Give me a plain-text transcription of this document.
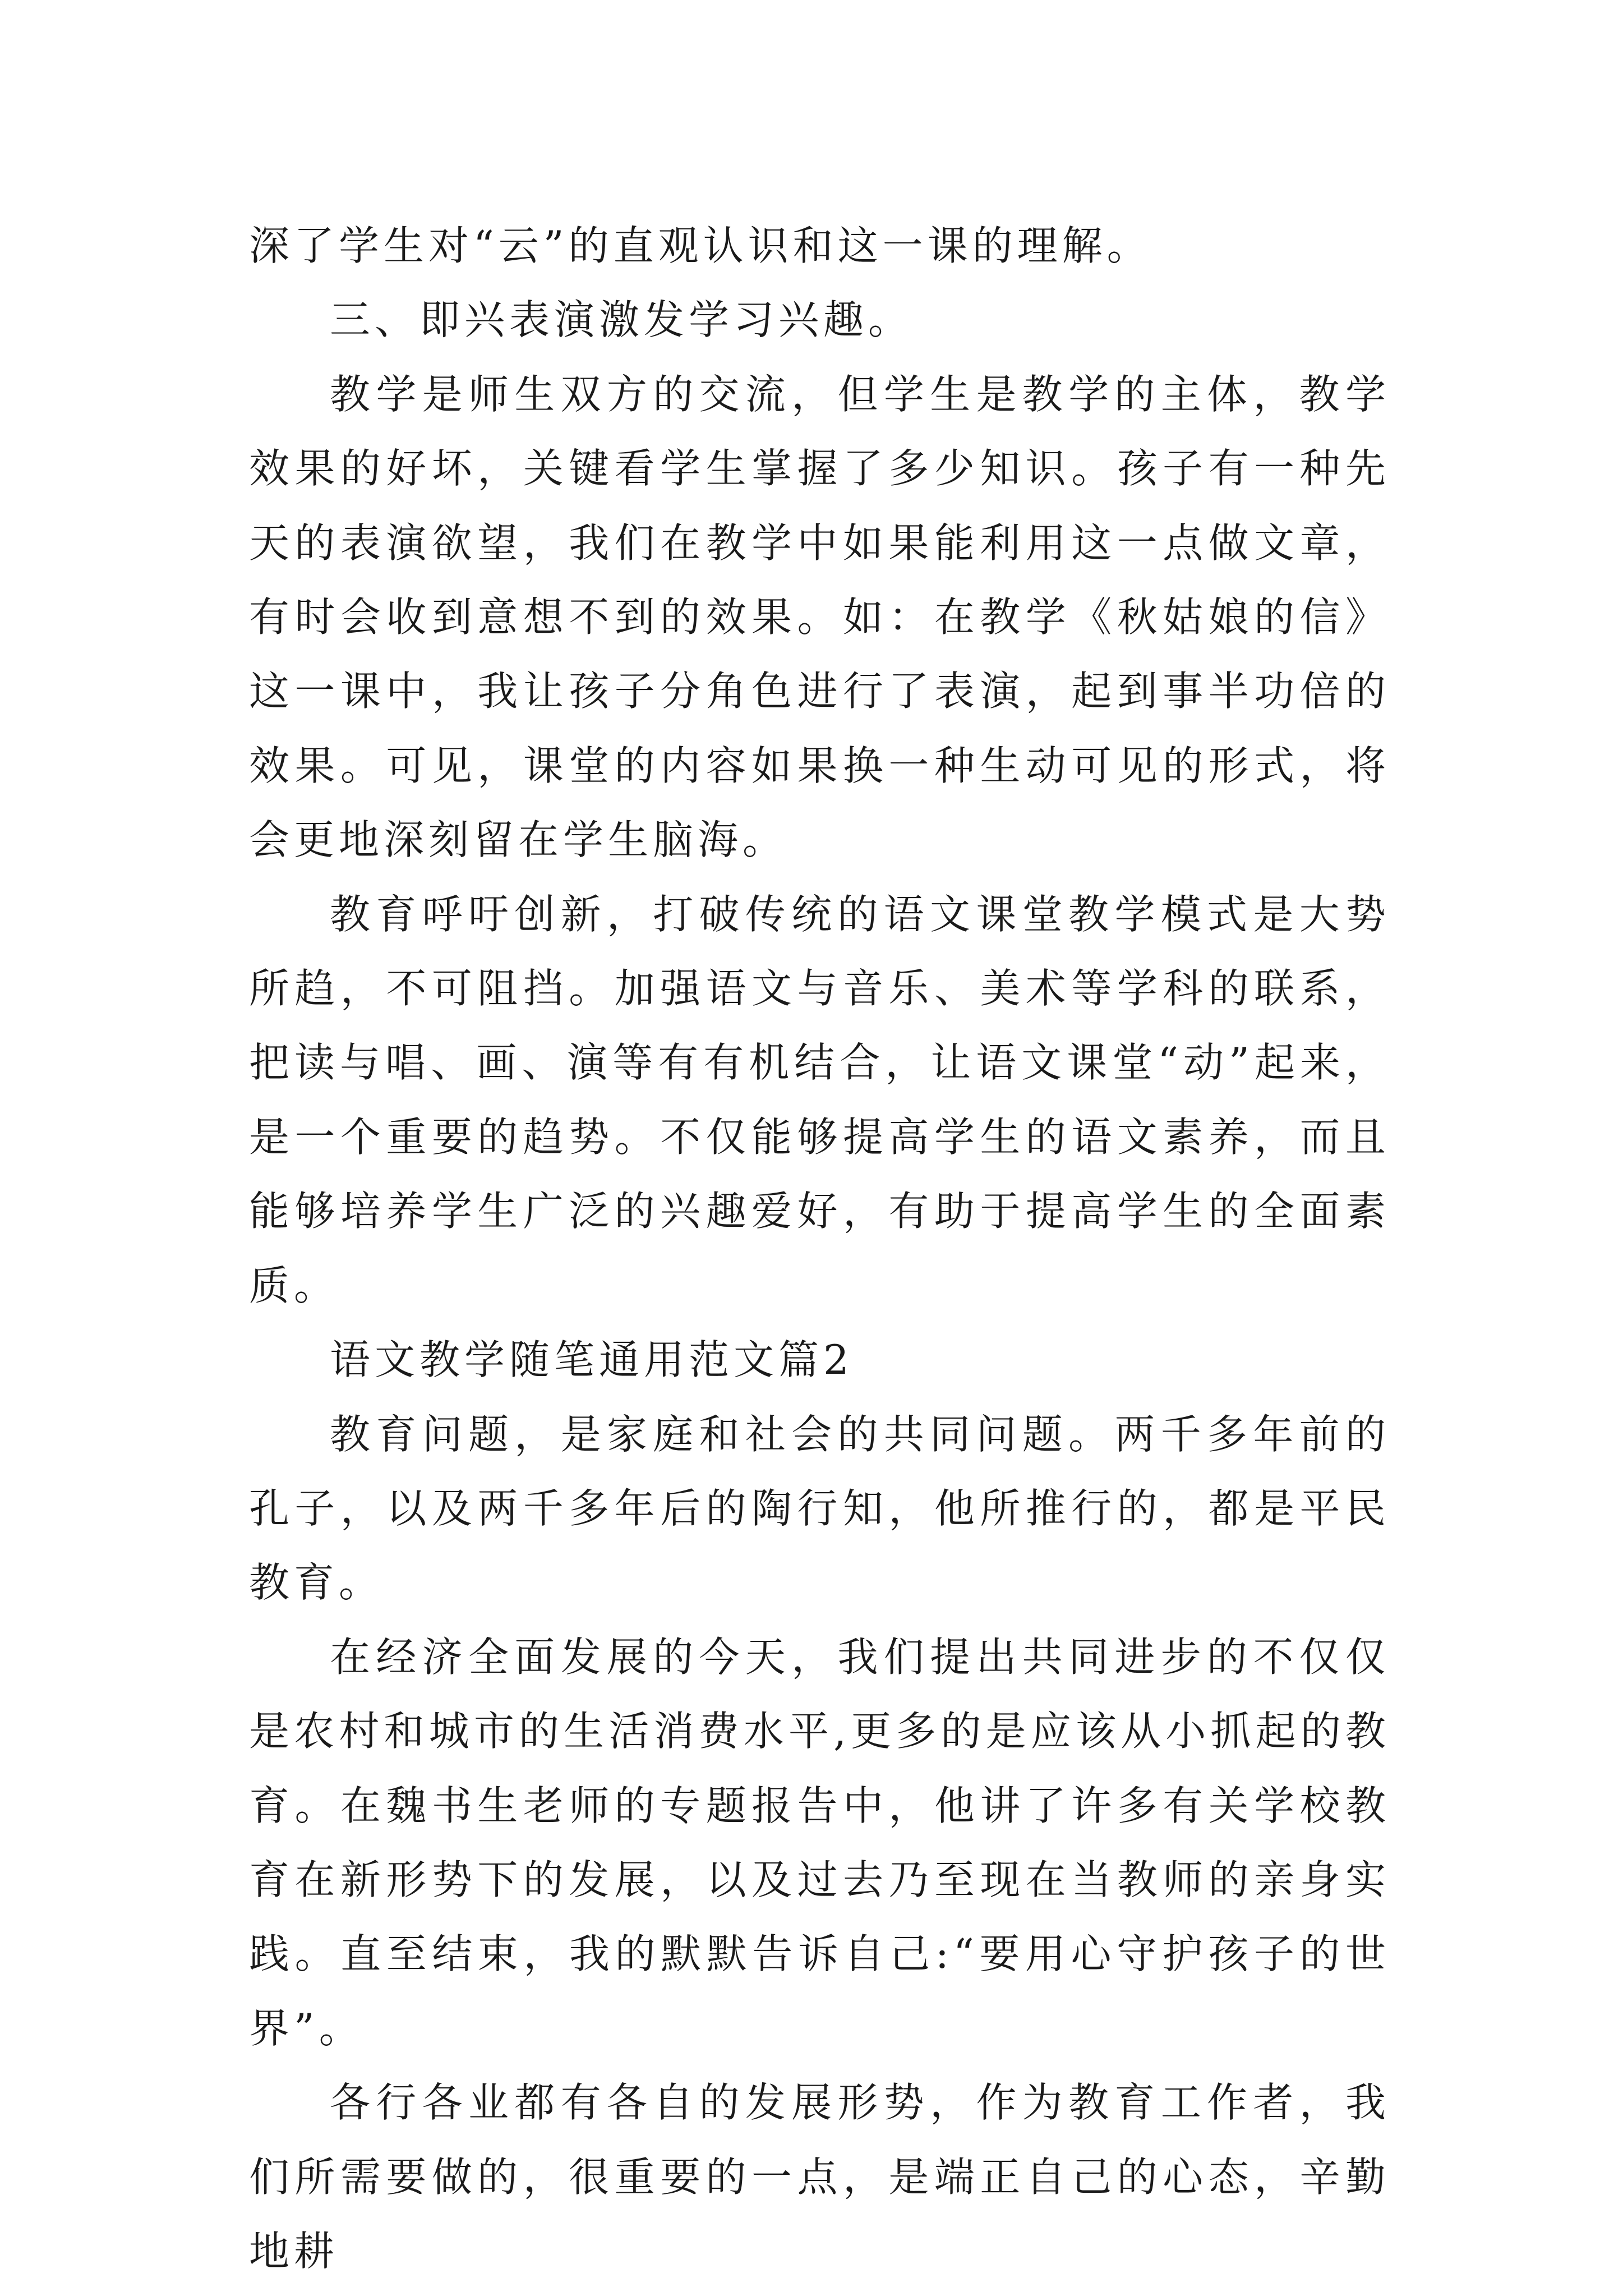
深了学生对“云”的直观认识和这一课的理解。

三、即兴表演激发学习兴趣。

教学是师生双方的交流，但学生是教学的主体，教学效果的好坏，关键看学生掌握了多少知识。孩子有一种先天的表演欲望，我们在教学中如果能利用这一点做文章，有时会收到意想不到的效果。如：在教学《秋姑娘的信》这一课中，我让孩子分角色进行了表演，起到事半功倍的效果。可见，课堂的内容如果换一种生动可见的形式，将会更地深刻留在学生脑海。

教育呼吁创新，打破传统的语文课堂教学模式是大势所趋，不可阻挡。加强语文与音乐、美术等学科的联系，把读与唱、画、演等有有机结合，让语文课堂“动”起来，是一个重要的趋势。不仅能够提高学生的语文素养，而且能够培养学生广泛的兴趣爱好，有助于提高学生的全面素质。

语文教学随笔通用范文篇2

教育问题，是家庭和社会的共同问题。两千多年前的孔子，以及两千多年后的陶行知，他所推行的，都是平民教育。

在经济全面发展的今天，我们提出共同进步的不仅仅是农村和城市的生活消费水平,更多的是应该从小抓起的教育。在魏书生老师的专题报告中，他讲了许多有关学校教育在新形势下的发展，以及过去乃至现在当教师的亲身实践。直至结束，我的默默告诉自己:“要用心守护孩子的世界”。

各行各业都有各自的发展形势，作为教育工作者，我们所需要做的，很重要的一点，是端正自己的心态，辛勤地耕
